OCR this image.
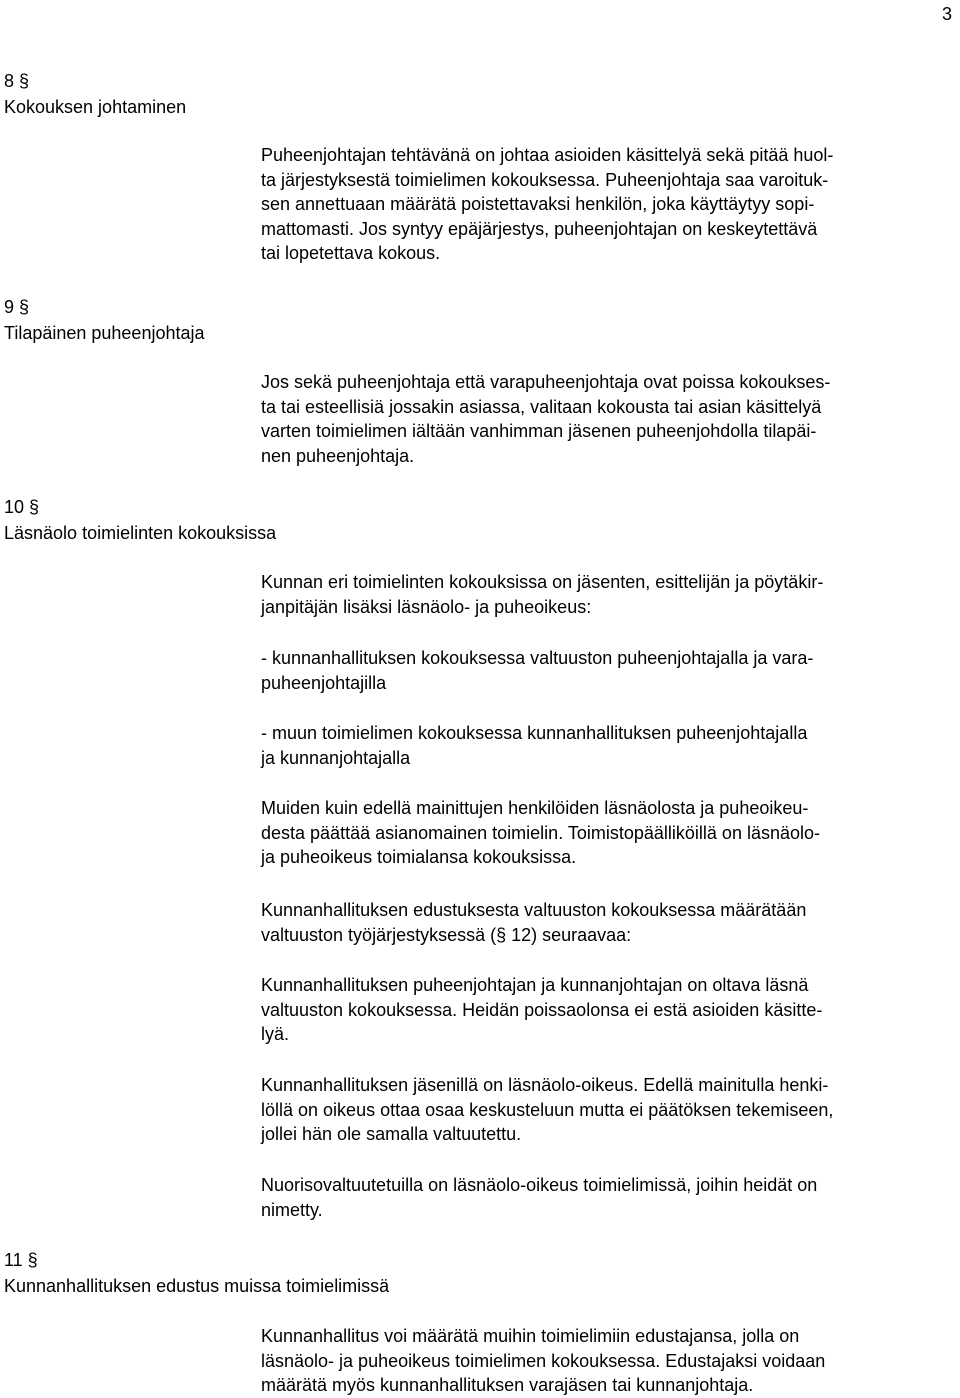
3
8 §
Kokouksen johtaminen
9 §
Tilapäinen puheenjohtaja
10 §
Läsnäolo toimielinten kokouksissa
11 §
Kunnanhallituksen edustus muissa toimielimissä
Puheenjohtajan tehtävänä on johtaa asioiden käsittelyä sekä pitää huol-
ta järjestyksestä toimielimen kokouksessa. Puheenjohtaja saa varoituk-
sen annettuaan määrätä poistettavaksi henkilön, joka käyttäytyy sopi-
mattomasti. Jos syntyy epäjärjestys, puheenjohtajan on keskeytettävä
tai lopetettava kokous.
Jos sekä puheenjohtaja että varapuheenjohtaja ovat poissa kokoukses-
ta tai esteellisiä jossakin asiassa, valitaan kokousta tai asian käsittelyä
varten toimielimen iältään vanhimman jäsenen puheenjohdolla tilapäi-
nen puheenjohtaja.
Kunnan eri toimielinten kokouksissa on jäsenten, esittelijän ja pöytäkir-
janpitäjän lisäksi läsnäolo- ja puheoikeus:
- kunnanhallituksen kokouksessa valtuuston puheenjohtajalla ja vara-
puheenjohtajilla
- muun toimielimen kokouksessa kunnanhallituksen puheenjohtajalla
ja kunnanjohtajalla
Muiden kuin edellä mainittujen henkilöiden läsnäolosta ja puheoikeu-
desta päättää asianomainen toimielin. Toimistopäälliköillä on läsnäolo-
ja puheoikeus toimialansa kokouksissa.
Kunnanhallituksen edustuksesta valtuuston kokouksessa määrätään
valtuuston työjärjestyksessä (§ 12) seuraavaa:
Kunnanhallituksen puheenjohtajan ja kunnanjohtajan on oltava läsnä
valtuuston kokouksessa. Heidän poissaolonsa ei estä asioiden käsitte-
lyä.
Kunnanhallituksen jäsenillä on läsnäolo-oikeus. Edellä mainitulla henki-
löllä on oikeus ottaa osaa keskusteluun mutta ei päätöksen tekemiseen,
jollei hän ole samalla valtuutettu.
Nuorisovaltuutetuilla on läsnäolo-oikeus toimielimissä, joihin heidät on
nimetty.
Kunnanhallitus voi määrätä muihin toimielimiin edustajansa, jolla on
läsnäolo- ja puheoikeus toimielimen kokouksessa. Edustajaksi voidaan
määrätä myös kunnanhallituksen varajäsen tai kunnanjohtaja.
